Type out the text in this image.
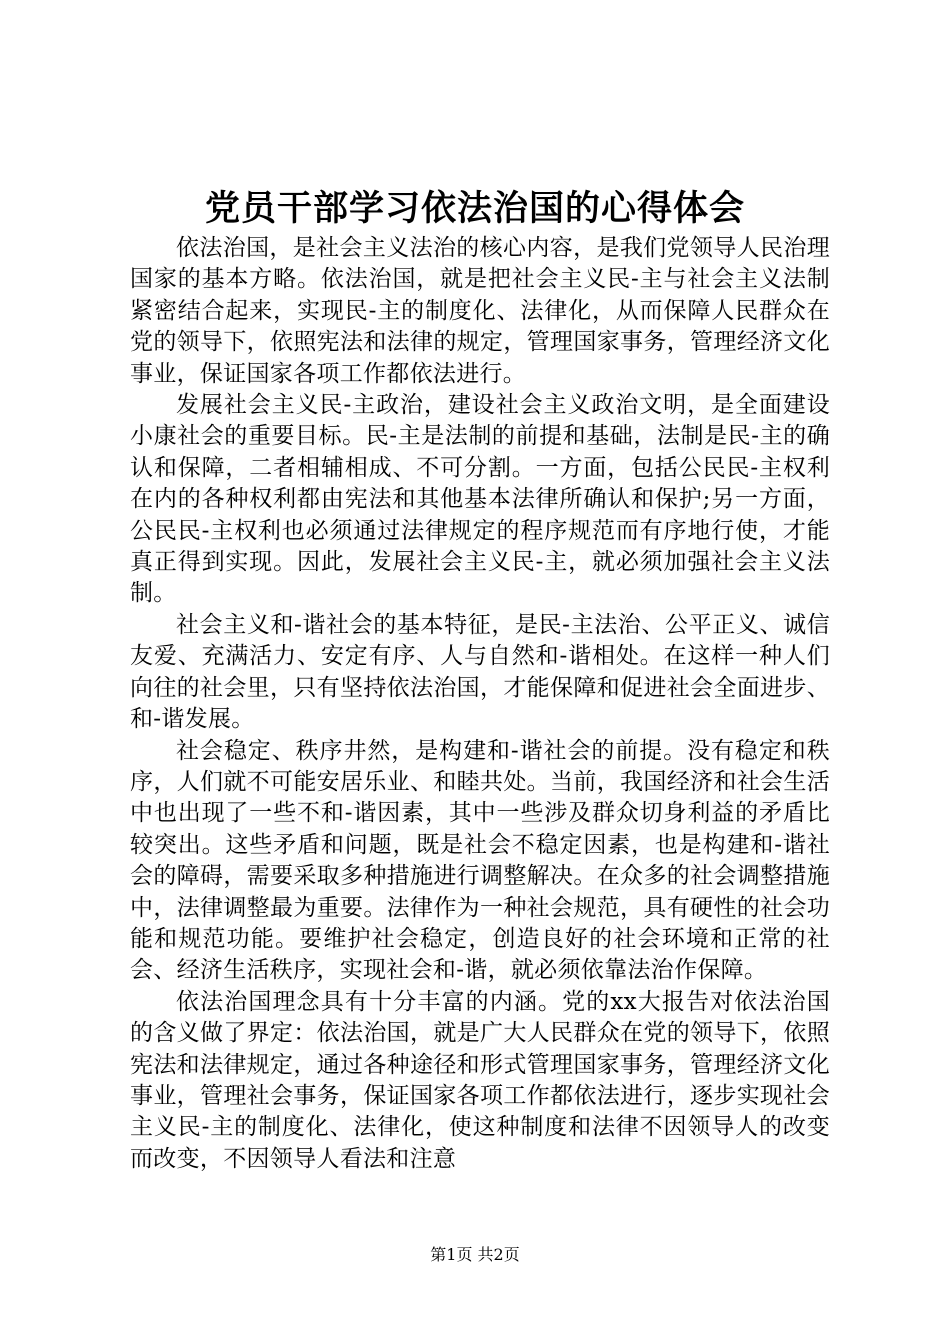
党员干部学习依法治国的心得体会

依法治国，是社会主义法治的核心内容，是我们党领导人民治理国家的基本方略。依法治国，就是把社会主义民-主与社会主义法制紧密结合起来，实现民-主的制度化、法律化，从而保障人民群众在党的领导下，依照宪法和法律的规定，管理国家事务，管理经济文化事业，保证国家各项工作都依法进行。

发展社会主义民-主政治，建设社会主义政治文明，是全面建设小康社会的重要目标。民-主是法制的前提和基础，法制是民-主的确认和保障，二者相辅相成、不可分割。一方面，包括公民民-主权利在内的各种权利都由宪法和其他基本法律所确认和保护;另一方面，公民民-主权利也必须通过法律规定的程序规范而有序地行使，才能真正得到实现。因此，发展社会主义民-主，就必须加强社会主义法制。

社会主义和-谐社会的基本特征，是民-主法治、公平正义、诚信友爱、充满活力、安定有序、人与自然和-谐相处。在这样一种人们向往的社会里，只有坚持依法治国，才能保障和促进社会全面进步、和-谐发展。

社会稳定、秩序井然，是构建和-谐社会的前提。没有稳定和秩序，人们就不可能安居乐业、和睦共处。当前，我国经济和社会生活中也出现了一些不和-谐因素，其中一些涉及群众切身利益的矛盾比较突出。这些矛盾和问题，既是社会不稳定因素，也是构建和-谐社会的障碍，需要采取多种措施进行调整解决。在众多的社会调整措施中，法律调整最为重要。法律作为一种社会规范，具有硬性的社会功能和规范功能。要维护社会稳定，创造良好的社会环境和正常的社会、经济生活秩序，实现社会和-谐，就必须依靠法治作保障。

依法治国理念具有十分丰富的内涵。党的xx大报告对依法治国的含义做了界定：依法治国，就是广大人民群众在党的领导下，依照宪法和法律规定，通过各种途径和形式管理国家事务，管理经济文化事业，管理社会事务，保证国家各项工作都依法进行，逐步实现社会主义民-主的制度化、法律化，使这种制度和法律不因领导人的改变而改变，不因领导人看法和注意

第1页 共2页
